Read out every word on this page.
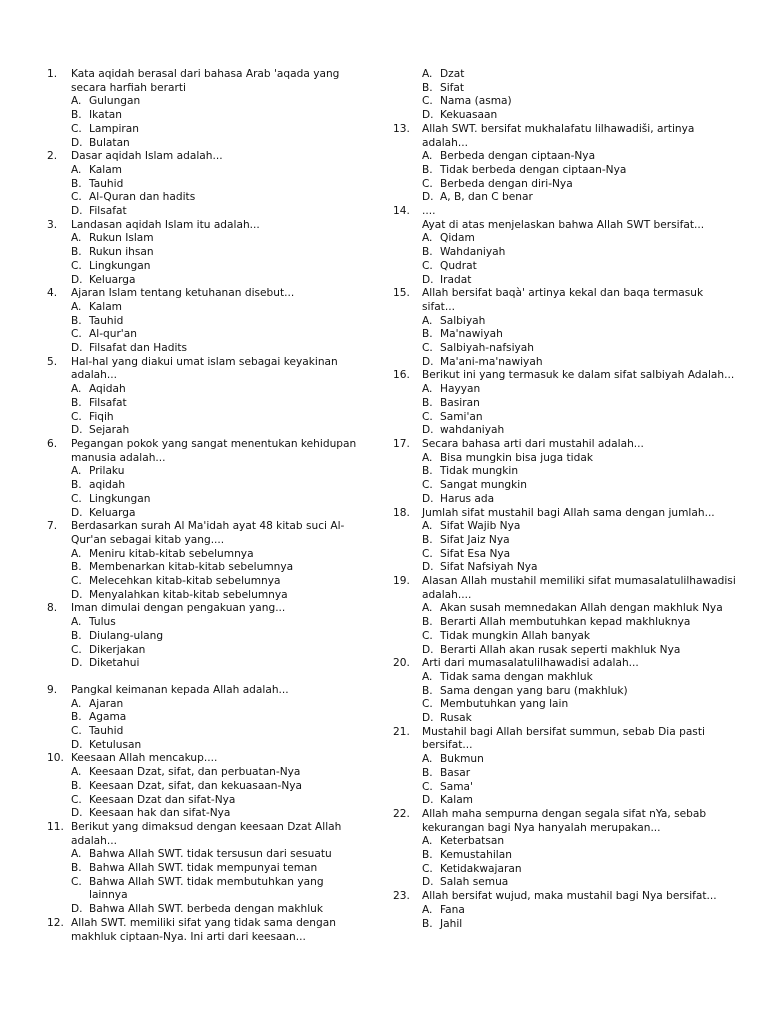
1.	Kata aqidah berasal dari bahasa Arab 'aqada yang secara harfiah berarti
A. Gulungan
B. Ikatan
C. Lampiran
D. Bulatan
2.	Dasar aqidah Islam adalah...
A. Kalam
B. Tauhid
C. Al-Quran dan hadits
D. Filsafat
3.	Landasan aqidah Islam itu adalah...
A. Rukun Islam
B. Rukun ihsan
C. Lingkungan
D. Keluarga
4.	Ajaran Islam tentang ketuhanan disebut...
A. Kalam
B. Tauhid
C. Al-qur'an
D. Filsafat dan Hadits
5.	Hal-hal yang diakui umat islam sebagai keyakinan adalah...
A. Aqidah
B. Filsafat
C. Fiqih
D. Sejarah
6.	Pegangan pokok yang sangat menentukan kehidupan manusia adalah...
A. Prilaku
B. aqidah
C. Lingkungan
D. Keluarga
7.	Berdasarkan surah Al Ma'idah ayat 48 kitab suci Al-Qur'an sebagai kitab yang....
A. Meniru kitab-kitab sebelumnya
B. Membenarkan kitab-kitab sebelumnya
C. Melecehkan kitab-kitab sebelumnya
D. Menyalahkan kitab-kitab sebelumnya
8.	Iman dimulai dengan pengakuan yang...
A. Tulus
B. Diulang-ulang
C. Dikerjakan
D. Diketahui
9.	Pangkal keimanan kepada Allah adalah...
A. Ajaran
B. Agama
C. Tauhid
D. Ketulusan
10. Keesaan Allah mencakup....
A. Keesaan Dzat, sifat, dan perbuatan-Nya
B. Keesaan Dzat, sifat, dan kekuasaan-Nya
C. Keesaan Dzat dan sifat-Nya
D. Keesaan hak dan sifat-Nya
11. Berikut yang dimaksud dengan keesaan Dzat Allah adalah...
A. Bahwa Allah SWT. tidak tersusun dari sesuatu
B. Bahwa Allah SWT. tidak mempunyai teman
C. Bahwa Allah SWT. tidak membutuhkan yang lainnya
D. Bahwa Allah SWT. berbeda dengan makhluk
12. Allah SWT. memiliki sifat yang tidak sama dengan makhluk ciptaan-Nya. Ini arti dari keesaan...
A. Dzat
B. Sifat
C. Nama (asma)
D. Kekuasaan
13.	Allah SWT. bersifat mukhalafatu lilhawadiši, artinya adalah...
A. Berbeda dengan ciptaan-Nya
B. Tidak berbeda dengan ciptaan-Nya
C. Berbeda dengan diri-Nya
D. A, B, dan C benar
14.	....
Ayat di atas menjelaskan bahwa Allah SWT bersifat...
A. Qidam
B. Wahdaniyah
C. Qudrat
D. Iradat
15.	Allah bersifat baqà' artinya kekal dan baqa termasuk sifat...
A. Salbiyah
B. Ma'nawiyah
C. Salbiyah-nafsiyah
D. Ma'ani-ma'nawiyah
16.	Berikut ini yang termasuk ke dalam sifat salbiyah Adalah...
A. Hayyan
B. Basiran
C. Sami'an
D. wahdaniyah
17.	Secara bahasa arti dari mustahil adalah...
A. Bisa mungkin bisa juga tidak
B. Tidak mungkin
C. Sangat mungkin
D. Harus ada
18.	Jumlah sifat mustahil bagi Allah sama dengan jumlah...
A. Sifat Wajib Nya
B. Sifat Jaiz Nya
C. Sifat Esa Nya
D. Sifat Nafsiyah Nya
19.	Alasan Allah mustahil memiliki sifat mumasalatulilhawadisi adalah....
A. Akan susah memnedakan Allah dengan makhluk Nya
B. Berarti Allah membutuhkan kepad makhluknya
C. Tidak mungkin Allah banyak
D. Berarti Allah akan rusak seperti makhluk Nya
20.	Arti dari mumasalatulilhawadisi adalah...
A. Tidak sama dengan makhluk
B. Sama dengan yang baru (makhluk)
C. Membutuhkan yang lain
D. Rusak
21.	Mustahil bagi Allah bersifat summun, sebab Dia pasti bersifat...
A. Bukmun
B. Basar
C. Sama'
D. Kalam
22.	Allah maha sempurna dengan segala sifat nYa, sebab kekurangan bagi Nya hanyalah merupakan...
A. Keterbatsan
B. Kemustahilan
C. Ketidakwajaran
D. Salah semua
23.	Allah bersifat wujud, maka mustahil bagi Nya bersifat...
A. Fana
B. Jahil
